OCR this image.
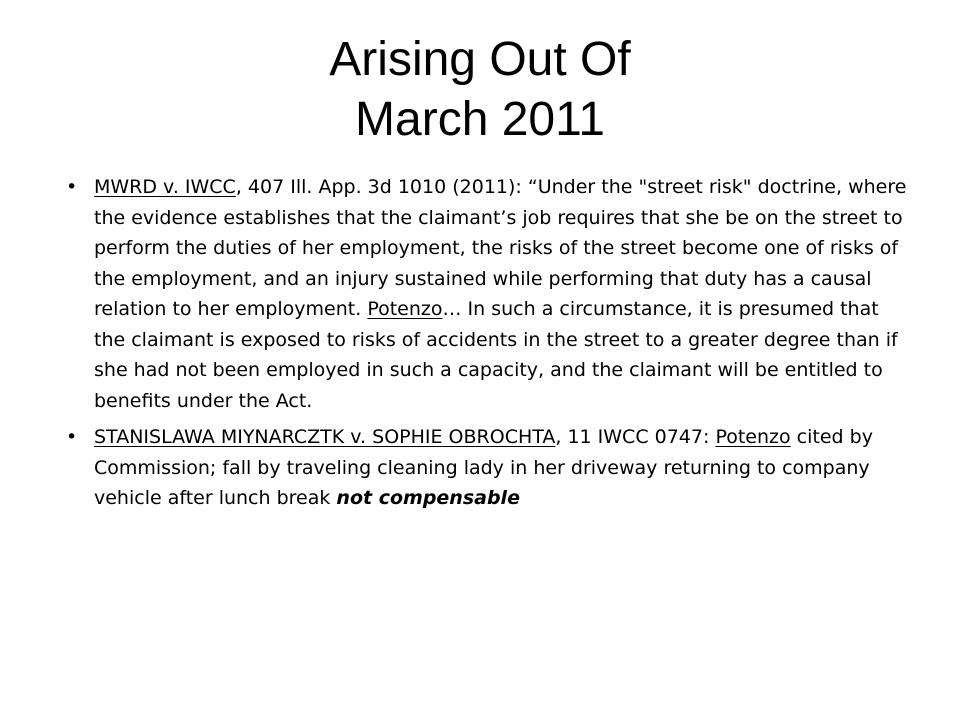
Arising Out Of
March 2011
• MWRD v. IWCC, 407 Ill. App. 3d 1010 (2011): “Under the "street risk" doctrine, where the evidence establishes that the claimant’s job requires that she be on the street to perform the duties of her employment, the risks of the street become one of risks of the employment, and an injury sustained while performing that duty has a causal relation to her employment. Potenzo… In such a circumstance, it is presumed that the claimant is exposed to risks of accidents in the street to a greater degree than if she had not been employed in such a capacity, and the claimant will be entitled to benefits under the Act.
• STANISLAWA MIYNARCZTK v. SOPHIE OBROCHTA, 11 IWCC 0747: Potenzo cited by Commission; fall by traveling cleaning lady in her driveway returning to company vehicle after lunch break not compensable
